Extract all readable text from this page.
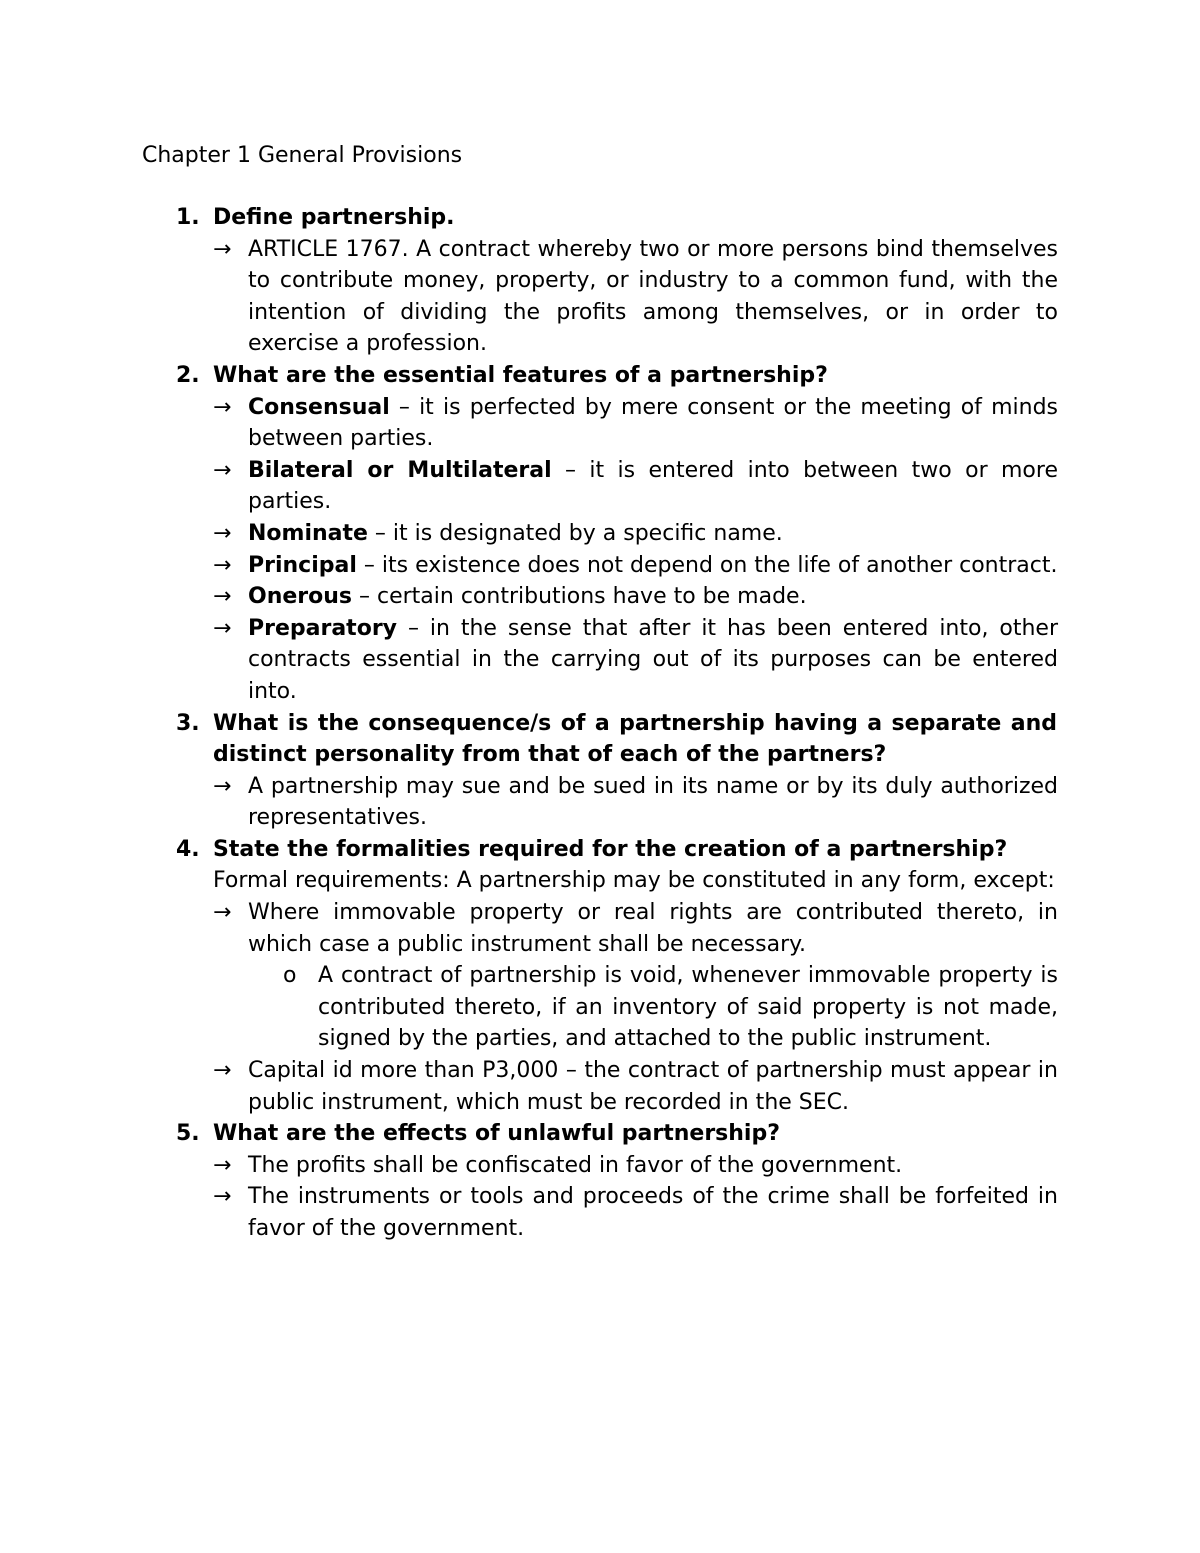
Chapter 1 General Provisions
1. Define partnership.
→ ARTICLE 1767. A contract whereby two or more persons bind themselves to contribute money, property, or industry to a common fund, with the intention of dividing the profits among themselves, or in order to exercise a profession.
2. What are the essential features of a partnership?
→ Consensual – it is perfected by mere consent or the meeting of minds between parties.
→ Bilateral or Multilateral – it is entered into between two or more parties.
→ Nominate – it is designated by a specific name.
→ Principal – its existence does not depend on the life of another contract.
→ Onerous – certain contributions have to be made.
→ Preparatory – in the sense that after it has been entered into, other contracts essential in the carrying out of its purposes can be entered into.
3. What is the consequence/s of a partnership having a separate and distinct personality from that of each of the partners?
→ A partnership may sue and be sued in its name or by its duly authorized representatives.
4. State the formalities required for the creation of a partnership?
Formal requirements: A partnership may be constituted in any form, except:
→ Where immovable property or real rights are contributed thereto, in which case a public instrument shall be necessary.
o A contract of partnership is void, whenever immovable property is contributed thereto, if an inventory of said property is not made, signed by the parties, and attached to the public instrument.
→ Capital id more than P3,000 – the contract of partnership must appear in public instrument, which must be recorded in the SEC.
5. What are the effects of unlawful partnership?
→ The profits shall be confiscated in favor of the government.
→ The instruments or tools and proceeds of the crime shall be forfeited in favor of the government.
